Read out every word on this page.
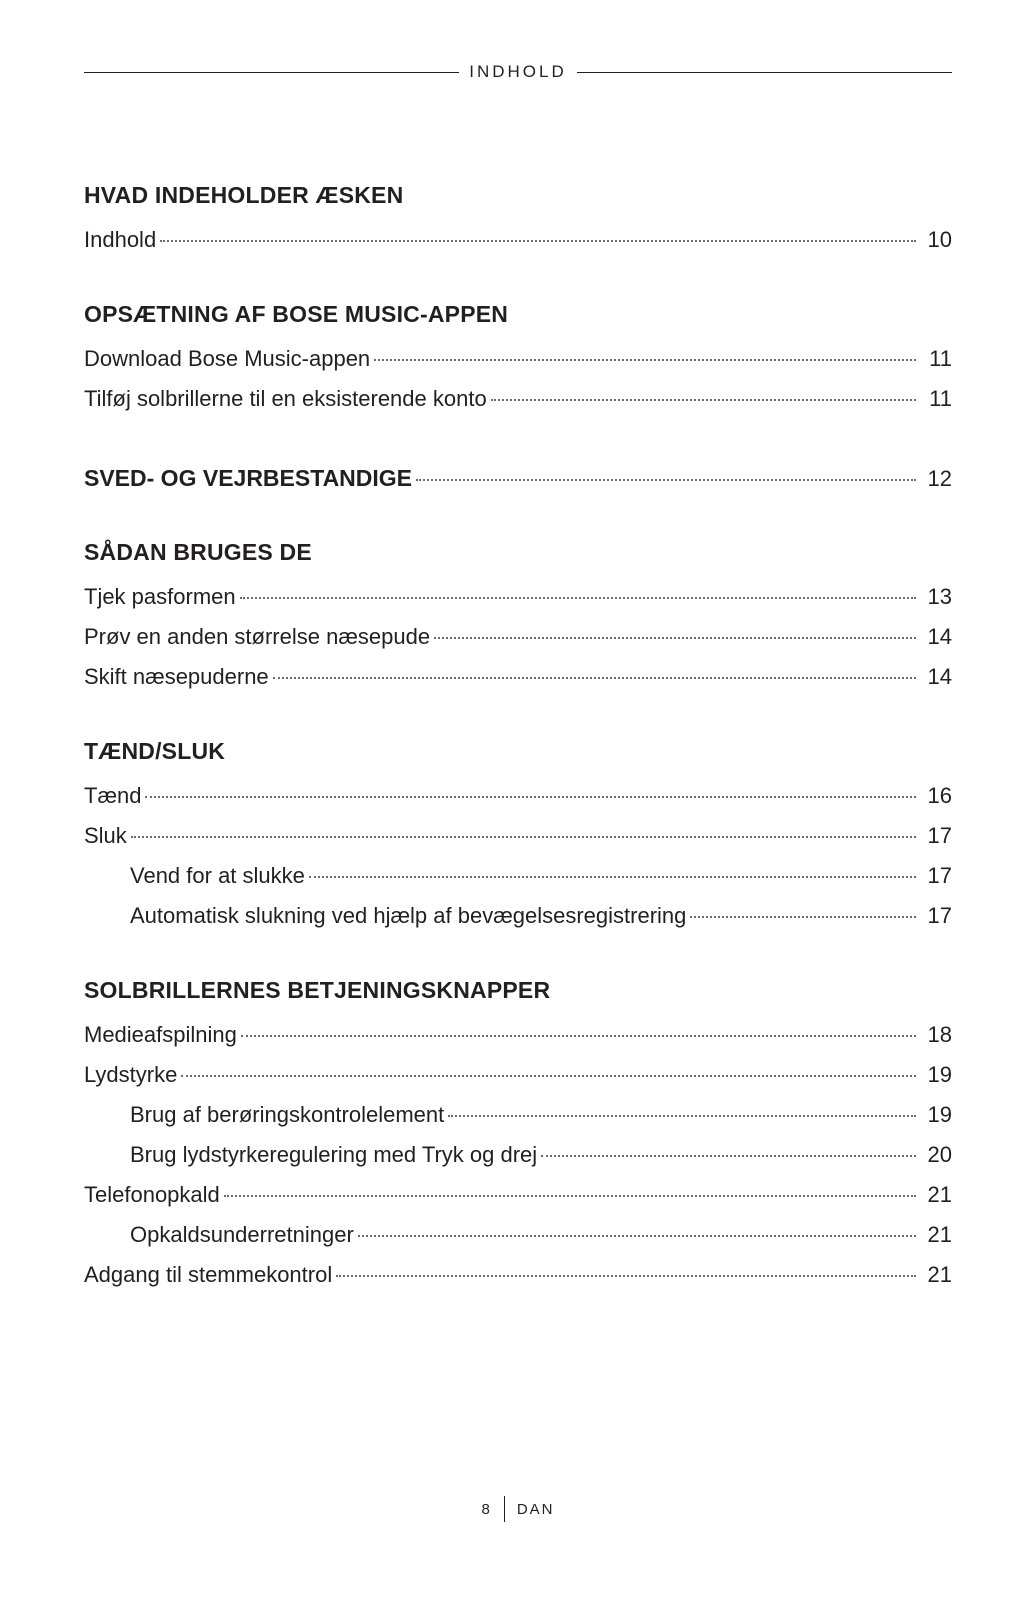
INDHOLD
HVAD INDEHOLDER ÆSKEN
Indhold	10
OPSÆTNING AF BOSE MUSIC-APPEN
Download Bose Music-appen	11
Tilføj solbrillerne til en eksisterende konto	11
SVED- OG VEJRBESTANDIGE	12
SÅDAN BRUGES DE
Tjek pasformen	13
Prøv en anden størrelse næsepude	14
Skift næsepuderne	14
TÆND/SLUK
Tænd	16
Sluk	17
Vend for at slukke	17
Automatisk slukning ved hjælp af bevægelsesregistrering	17
SOLBRILLERNES BETJENINGSKNAPPER
Medieafspilning	18
Lydstyrke	19
Brug af berøringskontrolelement	19
Brug lydstyrkeregulering med Tryk og drej	20
Telefonopkald	21
Opkaldsunderretninger	21
Adgang til stemmekontrol	21
8 DAN
